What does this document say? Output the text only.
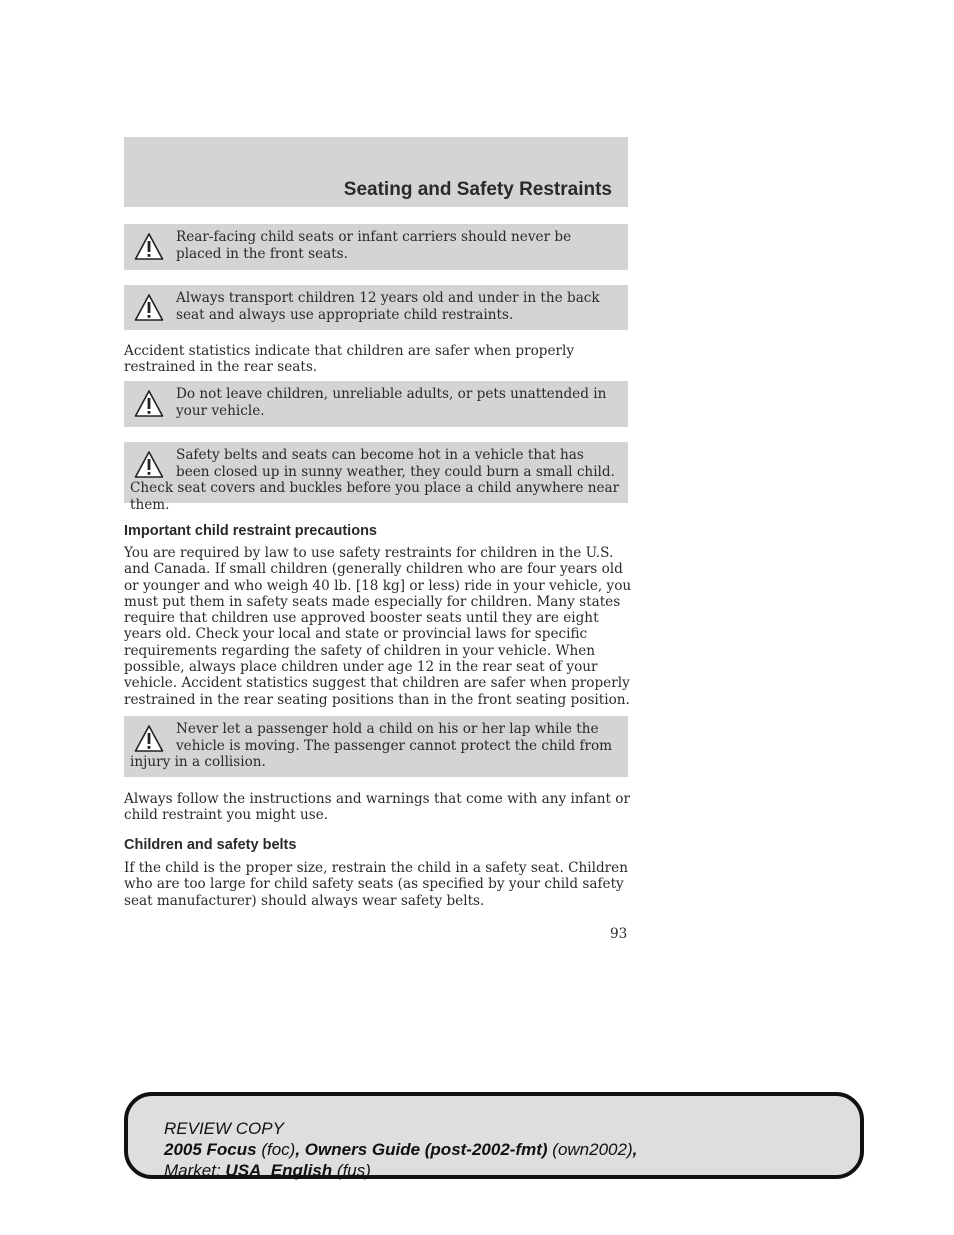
Seating and Safety Restraints
Rear-facing child seats or infant carriers should never be placed in the front seats.
Always transport children 12 years old and under in the back seat and always use appropriate child restraints.

Accident statistics indicate that children are safer when properly restrained in the rear seats.

Do not leave children, unreliable adults, or pets unattended in your vehicle.
Safety belts and seats can become hot in a vehicle that has been closed up in sunny weather, they could burn a small child. Check seat covers and buckles before you place a child anywhere near them.
Important child restraint precautions

You are required by law to use safety restraints for children in the U.S. and Canada. If small children (generally children who are four years old or younger and who weigh 40 lb. [18 kg] or less) ride in your vehicle, you must put them in safety seats made especially for children. Many states require that children use approved booster seats until they are eight years old. Check your local and state or provincial laws for specific requirements regarding the safety of children in your vehicle. When possible, always place children under age 12 in the rear seat of your vehicle. Accident statistics suggest that children are safer when properly restrained in the rear seating positions than in the front seating position.

Never let a passenger hold a child on his or her lap while the vehicle is moving. The passenger cannot protect the child from injury in a collision.

Always follow the instructions and warnings that come with any infant or child restraint you might use.

Children and safety belts

If the child is the proper size, restrain the child in a safety seat. Children who are too large for child safety seats (as specified by your child safety seat manufacturer) should always wear safety belts.

93
REVIEW COPY
2005 Focus (foc), Owners Guide (post-2002-fmt) (own2002),
Market: USA_English (fus)
